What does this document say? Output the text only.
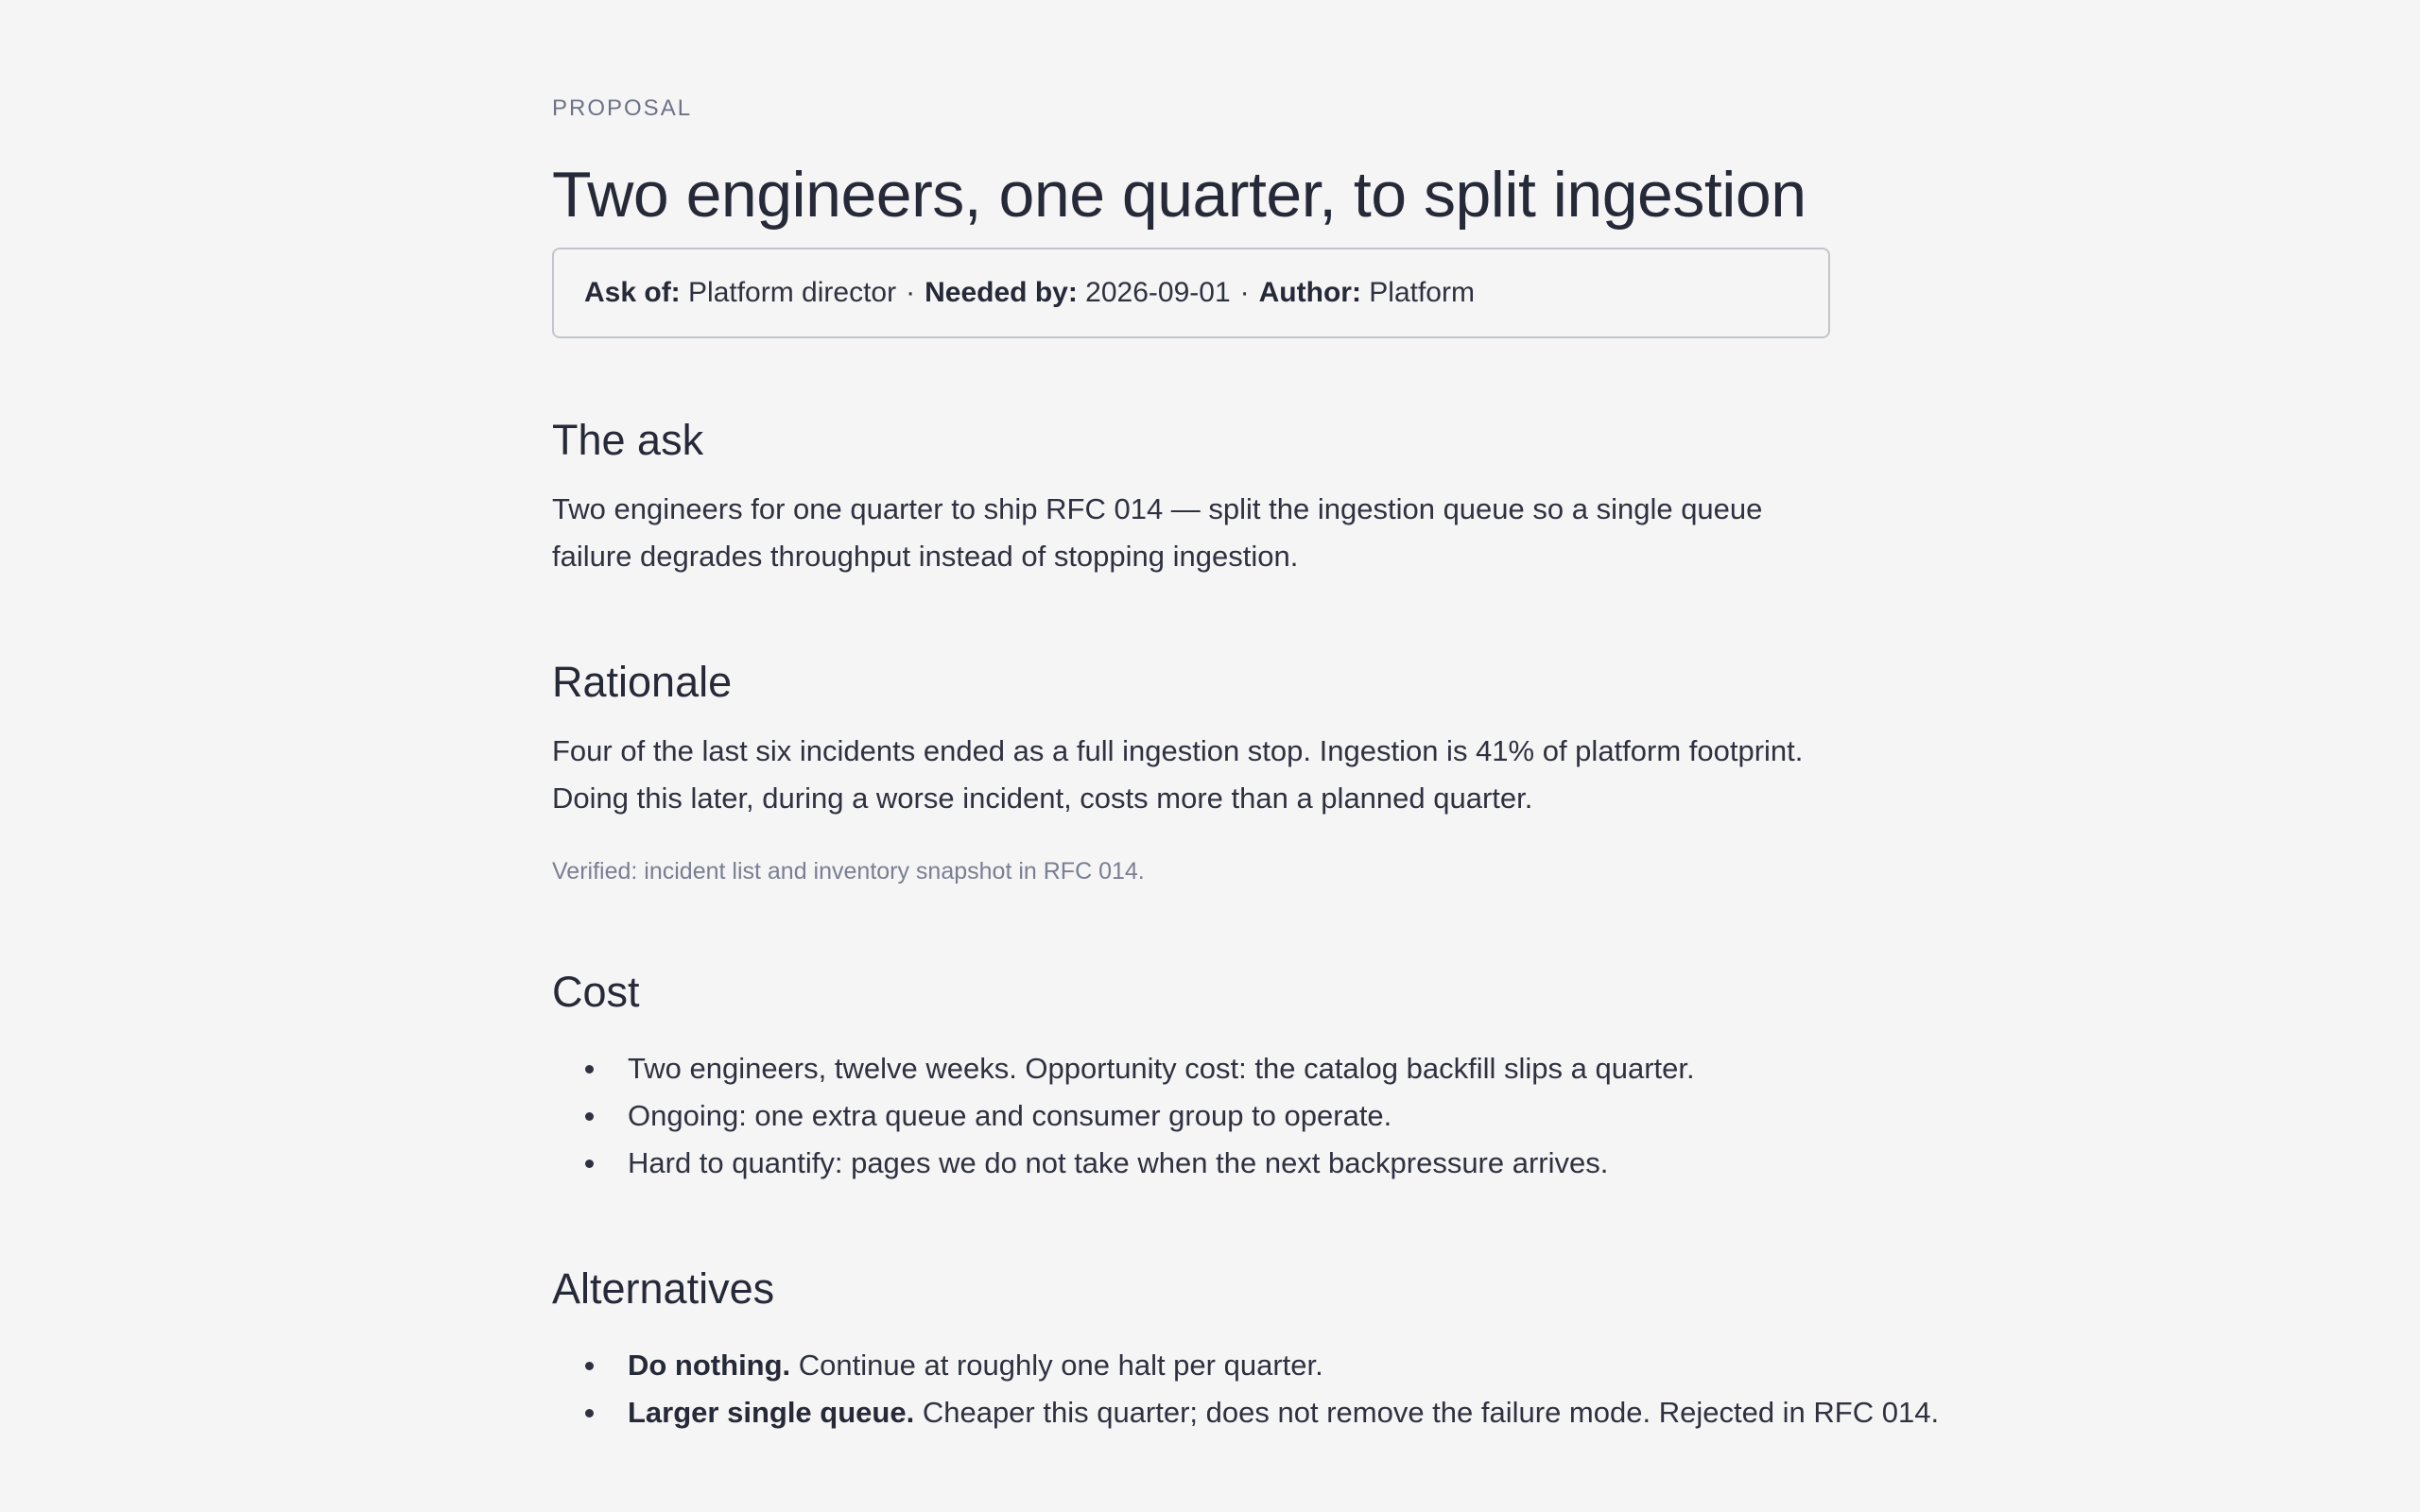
PROPOSAL

Two engineers, one quarter, to split ingestion
Ask of:
Platform director · Needed by:
2026-09-01 · Author:
Platform
The ask

Two engineers for one quarter to ship RFC 014 — split the ingestion queue so a single queue failure degrades throughput instead of stopping ingestion.

Rationale

Four of the last six incidents ended as a full ingestion stop. Ingestion is 41% of platform footprint. Doing this later, during a worse incident, costs more than a planned quarter.

Verified: incident list and inventory snapshot in RFC 014.

Cost
Two engineers, twelve weeks. Opportunity cost: the catalog backfill slips a quarter.
Ongoing: one extra queue and consumer group to operate.
Hard to quantify: pages we do not take when the next backpressure arrives.
Alternatives
Do nothing. Continue at roughly one halt per quarter.
Larger single queue. Cheaper this quarter; does not remove the failure mode. Rejected in RFC 014.
